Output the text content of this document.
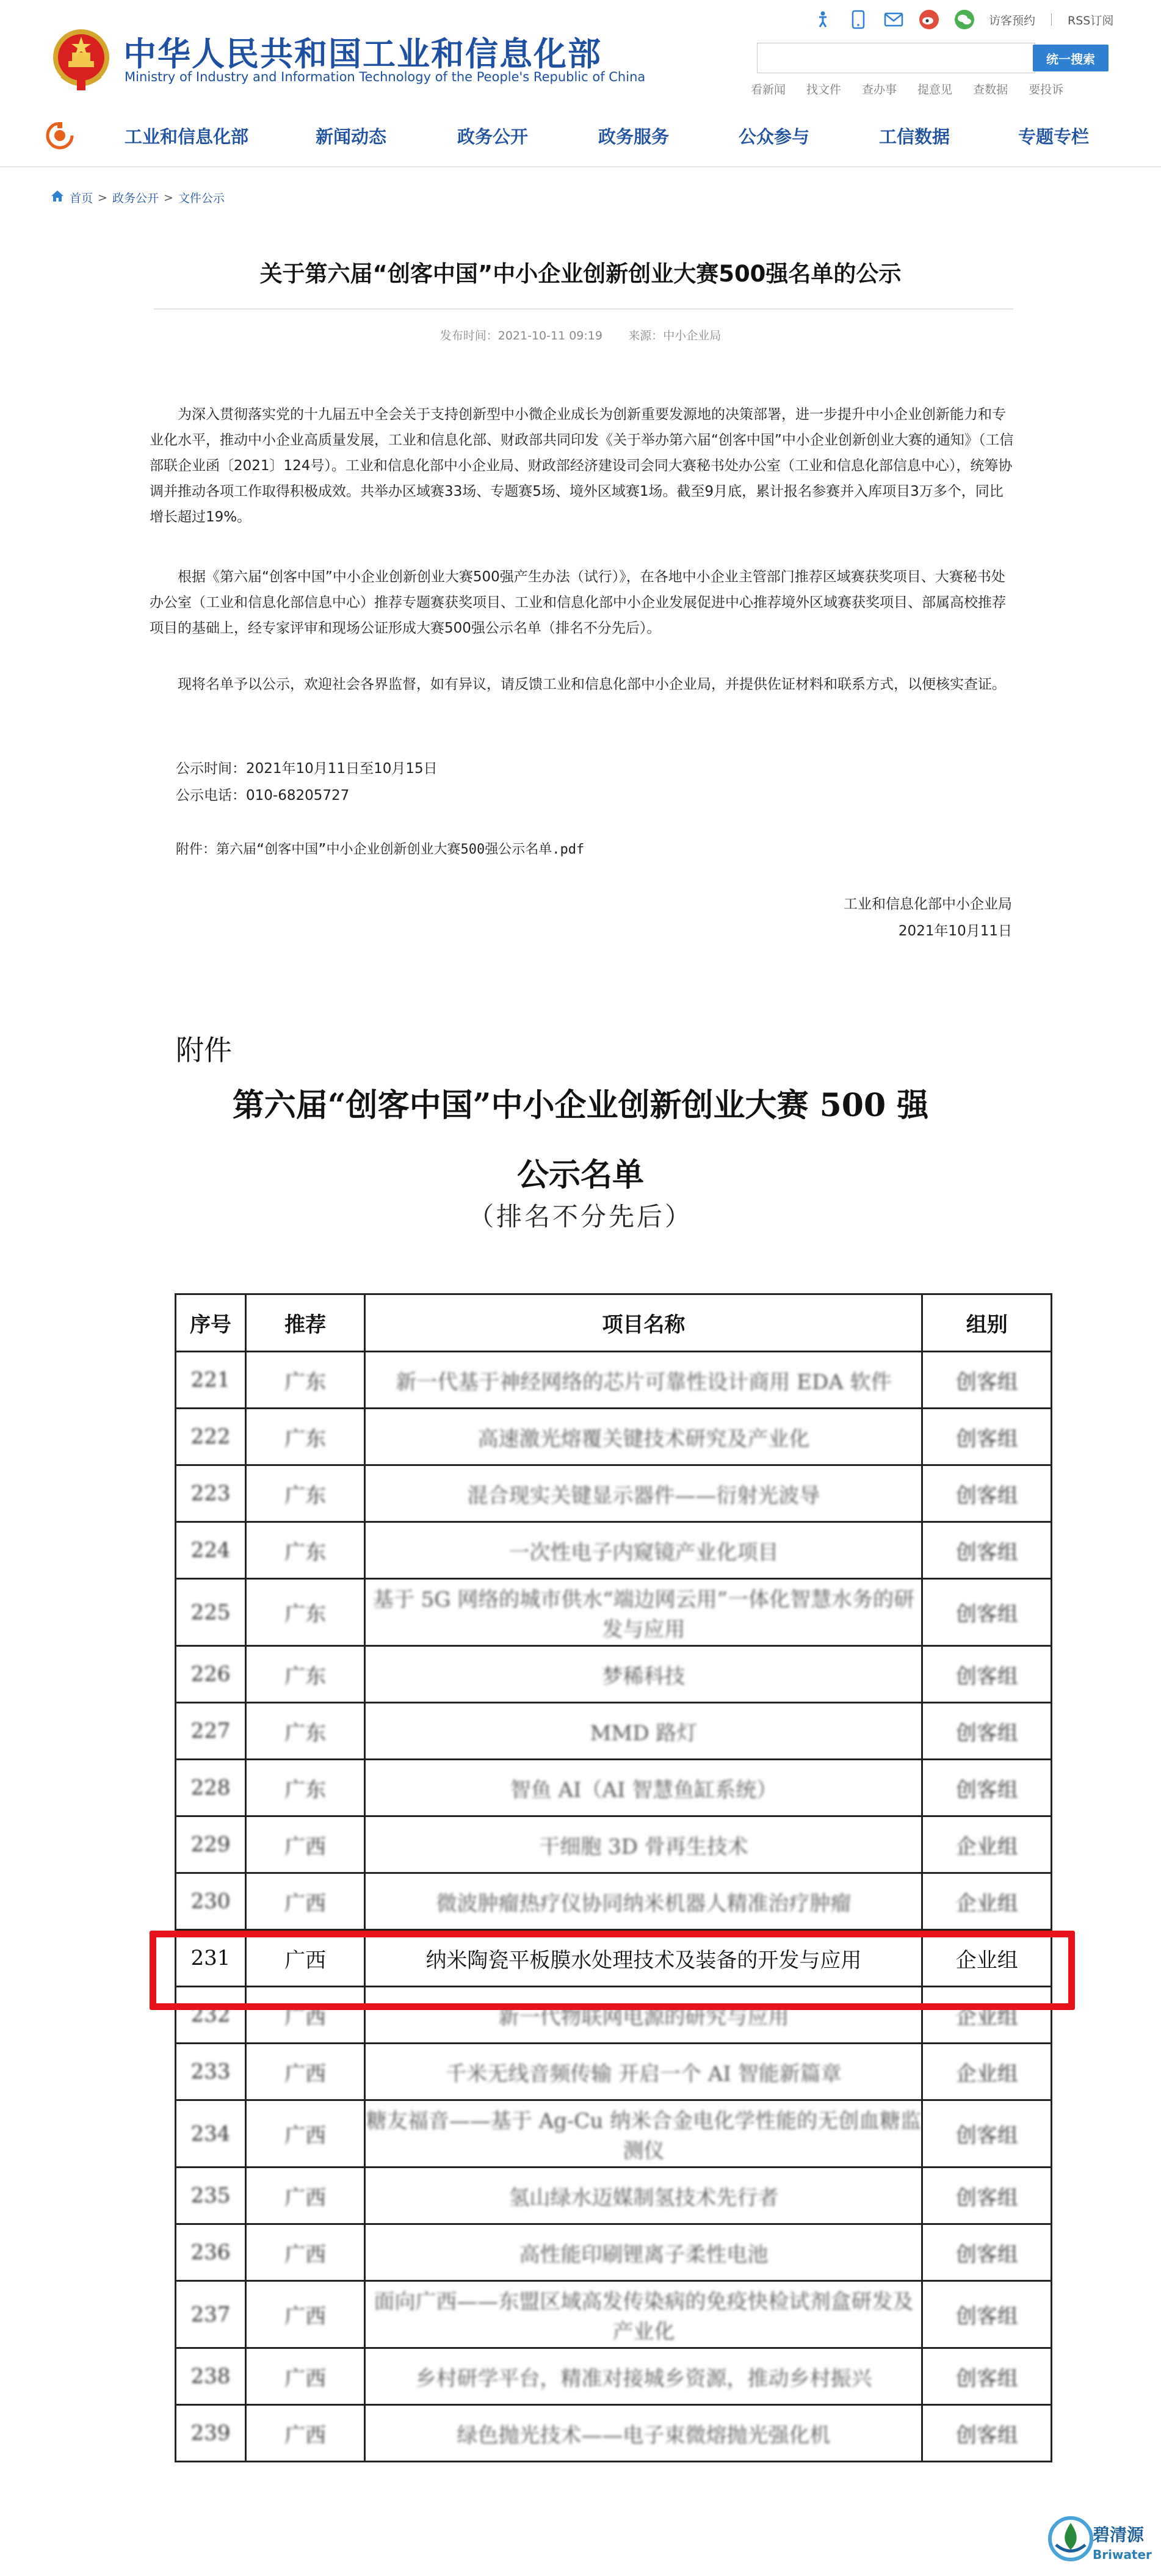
中华人民共和国工业和信息化部
Ministry of Industry and Information Technology of the People's Republic of China
访客预约	RSS订阅
统一搜索
看新闻 找文件 查办事 提意见 查数据 要投诉
工业和信息化部	新闻动态	政务公开	政务服务	公众参与	工信数据	专题专栏
首页 > 政务公开 > 文件公示
关于第六届“创客中国”中小企业创新创业大赛500强名单的公示
发布时间：2021-10-11 09:19 来源：中小企业局

为深入贯彻落实党的十九届五中全会关于支持创新型中小微企业成长为创新重要发源地的决策部署，进一步提升中小企业创新能力和专业化水平，推动中小企业高质量发展，工业和信息化部、财政部共同印发《关于举办第六届“创客中国”中小企业创新创业大赛的通知》（工信部联企业函〔2021〕124号）。工业和信息化部中小企业局、财政部经济建设司会同大赛秘书处办公室（工业和信息化部信息中心），统筹协调并推动各项工作取得积极成效。共举办区域赛33场、专题赛5场、境外区域赛1场。截至9月底，累计报名参赛并入库项目3万多个，同比增长超过19%。

根据《第六届“创客中国”中小企业创新创业大赛500强产生办法（试行）》，在各地中小企业主管部门推荐区域赛获奖项目、大赛秘书处办公室（工业和信息化部信息中心）推荐专题赛获奖项目、工业和信息化部中小企业发展促进中心推荐境外区域赛获奖项目、部属高校推荐项目的基础上，经专家评审和现场公证形成大赛500强公示名单（排名不分先后）。

现将名单予以公示，欢迎社会各界监督，如有异议，请反馈工业和信息化部中小企业局，并提供佐证材料和联系方式，以便核实查证。

公示时间：2021年10月11日至10月15日
公示电话：010-68205727
附件：第六届“创客中国”中小企业创新创业大赛500强公示名单.pdf
工业和信息化部中小企业局
2021年10月11日
附件
第六届“创客中国”中小企业创新创业大赛 500 强
公示名单
（排名不分先后）
序号	推荐	项目名称	组别
221	广东	新一代基于神经网络的芯片可靠性设计商用 EDA 软件	创客组
222	广东	高速激光熔覆关键技术研究及产业化	创客组
223	广东	混合现实关键显示器件——衍射光波导	创客组
224	广东	一次性电子内窥镜产业化项目	创客组
225	广东	基于 5G 网络的城市供水“端边网云用”一体化智慧水务的研发与应用	创客组
226	广东	梦稀科技	创客组
227	广东	MMD 路灯	创客组
228	广东	智鱼 AI（AI 智慧鱼缸系统）	创客组
229	广西	干细胞 3D 骨再生技术	企业组
230	广西	微波肿瘤热疗仪协同纳米机器人精准治疗肿瘤	企业组
231	广西	纳米陶瓷平板膜水处理技术及装备的开发与应用	企业组
232	广西	新一代物联网电源的研究与应用	企业组
233	广西	千米无线音频传输 开启一个 AI 智能新篇章	企业组
234	广西	糖友福音——基于 Ag-Cu 纳米合金电化学性能的无创血糖监测仪	创客组
235	广西	氢山绿水迈媒制氢技术先行者	创客组
236	广西	高性能印刷锂离子柔性电池	创客组
237	广西	面向广西——东盟区域高发传染病的免疫快检试剂盒研发及产业化	创客组
238	广西	乡村研学平台，精准对接城乡资源，推动乡村振兴	创客组
239	广西	绿色抛光技术——电子束微熔抛光强化机	创客组
碧清源
Briwater
